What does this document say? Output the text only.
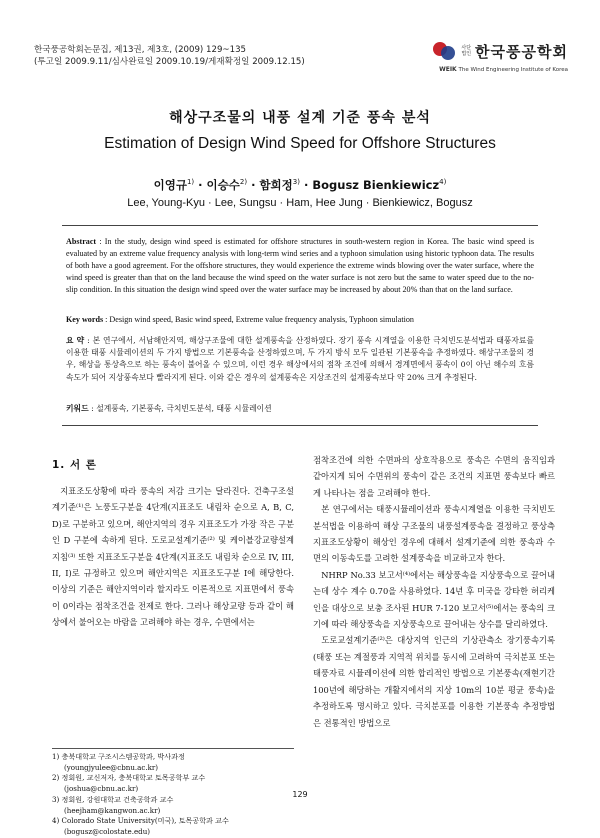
한국풍공학회논문집, 제13권, 제3호, (2009) 129~135
(투고일 2009.9.11/심사완료일 2009.10.19/게재확정일 2009.12.15)
사단
법인 한국풍공학회
WEIK The Wind Engineering Institute of Korea
해상구조물의 내풍 설계 기준 풍속 분석
Estimation of Design Wind Speed for Offshore Structures
이영규$^{1)}$ · 이승수$^{2)}$ · 함희정$^{3)}$ · Bogusz Bienkiewicz$^{4)}$
Lee, Young-Kyu · Lee, Sungsu · Ham, Hee Jung · Bienkiewicz, Bogusz
Abstract : In the study, design wind speed is estimated for offshore structures in south-western region in Korea. The basic wind speed is evaluated by an extreme value frequency analysis with long-term wind series and a typhoon simulation using historic typhoon data. The results of both have a good agreement. For the offshore structures, they would experience the extreme winds blowing over the water surface, where the wind speed is greater than that on the land because the wind speed on the water surface is not zero but the same to water speed due to the no-slip condition. In this situation the design wind speed over the water surface may be increased by about 20% than that on the land surface.
Key words : Design wind speed, Basic wind speed, Extreme value frequency analysis, Typhoon simulation
요 약 : 본 연구에서, 서남해안지역, 해상구조물에 대한 설계풍속을 산정하였다. 장기 풍속 시계열을 이용한 극치빈도분석법과 태풍자료를 이용한 태풍 시뮬레이션의 두 가지 방법으로 기본풍속을 산정하였으며, 두 가지 방식 모두 일관된 기본풍속을 추정하였다. 해상구조물의 경우, 해상을 통상측으로 하는 풍속이 불어올 수 있으며, 이런 경우 해상에서의 점착 조건에 의해서 경계면에서 풍속이 0이 아닌 해수의 흐름속도가 되어 지상풍속보다 빨라지게 된다. 이와 같은 경우의 설계풍속은 지상조건의 설계풍속보다 약 20% 크게 추정된다.
키워드 : 설계풍속, 기본풍속, 극치빈도분석, 태풍 시뮬레이션
1. 서 론

지표조도상황에 따라 풍속의 저감 크기는 달라진다. 건축구조설계기준⁽¹⁾은 노풍도구분을 4단계(지표조도 내림차 순으로 A, B, C, D)로 구분하고 있으며, 해안지역의 경우 지표조도가 가장 작은 구분인 D 구분에 속하게 된다. 도로교설계기준⁽²⁾ 및 케이블강교량설계지침⁽³⁾ 또한 지표조도구분을 4단계(지표조도 내림차 순으로 IV, III, II, I)로 규정하고 있으며 해안지역은 지표조도구분 I에 해당한다. 이상의 기준은 해안지역이라 할지라도 이론적으로 지표면에서 풍속이 0이라는 점착조건을 전제로 한다. 그러나 해상교량 등과 같이 해상에서 불어오는 바람을 고려해야 하는 경우, 수면에서는

점착조건에 의한 수면파의 상호작용으로 풍속은 수면의 움직임과 같아지게 되어 수면위의 풍속이 같은 조건의 지표면 풍속보다 빠르게 나타나는 점을 고려해야 한다.

본 연구에서는 태풍시뮬레이션과 풍속시계열을 이용한 극치빈도분석법을 이용하여 해상 구조물의 내풍설계풍속을 결정하고 풍상측 지표조도상황이 해상인 경우에 대해서 설계기준에 의한 풍속과 수면의 이동속도를 고려한 설계풍속을 비교하고자 한다.

NHRP No.33 보고서⁽⁴⁾에서는 해상풍속을 지상풍속으로 끌어내는데 상수 계수 0.70을 사용하였다. 14년 후 미국을 강타한 허리케인을 대상으로 보충 조사된 HUR 7-120 보고서⁽⁵⁾에서는 풍속의 크기에 따라 해상풍속을 지상풍속으로 끌어내는 상수를 달리하였다.

도로교설계기준⁽²⁾은 대상지역 인근의 기상관측소 장기풍속기록(태풍 또는 계절풍과 지역적 위치를 동시에 고려하여 극치분포 또는 태풍자료 시뮬레이션에 의한 합리적인 방법으로 기본풍속(재현기간 100년에 해당하는 개활지에서의 지상 10m의 10분 평균 풍속)을 추정하도록 명시하고 있다. 극치분포를 이용한 기본풍속 추정방법은 전통적인 방법으로

1) 충북대학교 구조시스템공학과, 박사과정
(youngjyulee@cbnu.ac.kr)
2) 정회원, 교신저자, 충북대학교 토목공학부 교수
(joshua@cbnu.ac.kr)
3) 정회원, 강원대학교 건축공학과 교수
(heejham@kangwon.ac.kr)
4) Colorado State University(미국), 토목공학과 교수
(bogusz@colostate.edu)
129
